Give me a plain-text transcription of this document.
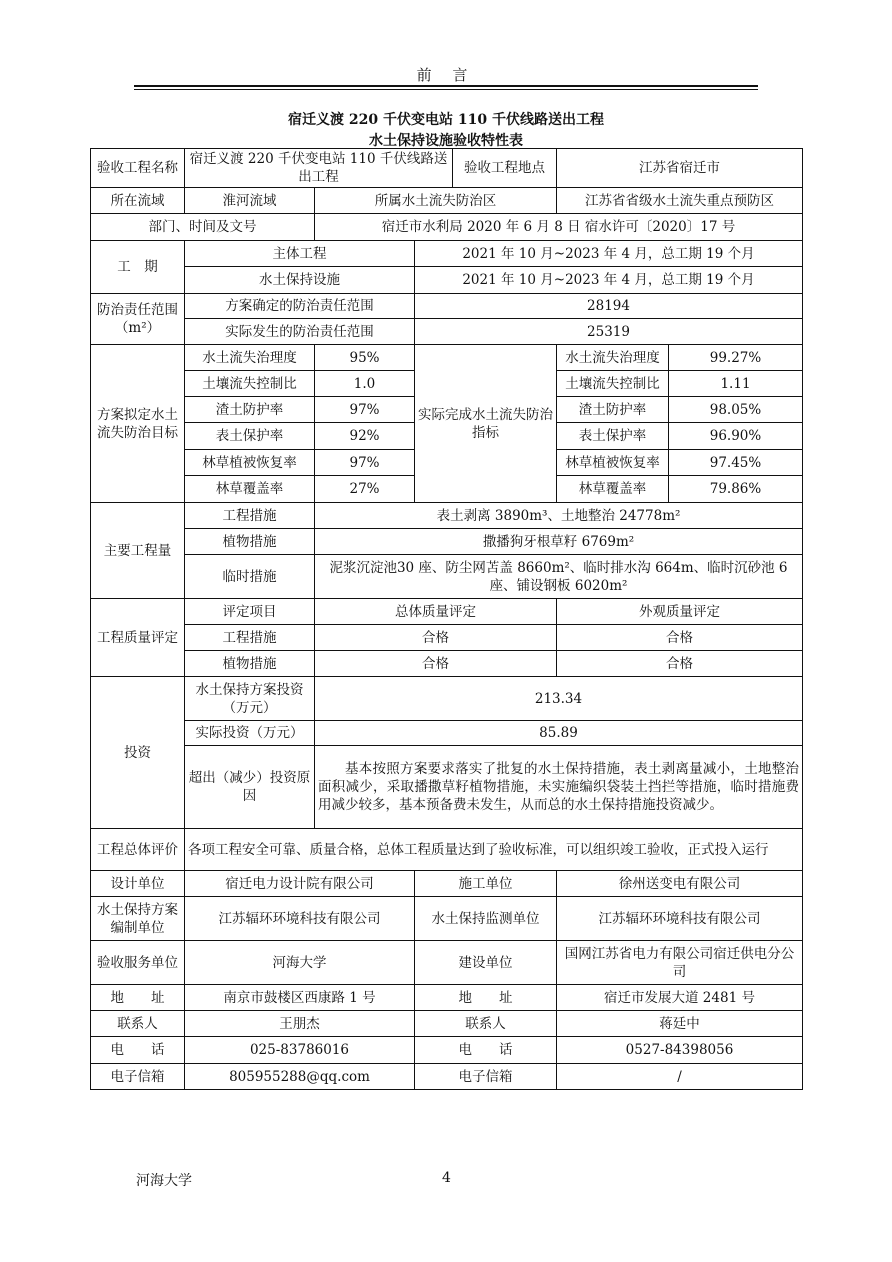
前 言
宿迁义渡 220 千伏变电站 110 千伏线路送出工程
水土保持设施验收特性表
验收工程名称	宿迁义渡 220 千伏变电站 110 千伏线路送出工程			验收工程地点	江苏省宿迁市	
所在流域	淮河流域	所属水土流失防治区			江苏省省级水土流失重点预防区	
部门、时间及文号		宿迁市水利局 2020 年 6 月 8 日 宿水许可〔2020〕17 号				
工　期	主体工程		2021 年 10 月~2023 年 4 月，总工期 19 个月			
	水土保持设施		2021 年 10 月~2023 年 4 月，总工期 19 个月			
防治责任范围（m²）	方案确定的防治责任范围		28194			
	实际发生的防治责任范围		25319			
方案拟定水土流失防治目标	水土流失治理度	95%	实际完成水土流失防治指标		水土流失治理度	99.27%
	土壤流失控制比	1.0			土壤流失控制比	1.11
	渣土防护率	97%			渣土防护率	98.05%
	表土保护率	92%			表土保护率	96.90%
	林草植被恢复率	97%			林草植被恢复率	97.45%
	林草覆盖率	27%			林草覆盖率	79.86%
主要工程量	工程措施	表土剥离 3890m³、土地整治 24778m²				
	植物措施	撒播狗牙根草籽 6769m²				
	临时措施	泥浆沉淀池30 座、防尘网苫盖 8660m²、临时排水沟 664m、临时沉砂池 6座、铺设钢板 6020m²				
工程质量评定	评定项目	总体质量评定			外观质量评定	
	工程措施	合格			合格	
	植物措施	合格			合格	
投资	水土保持方案投资（万元）	213.34				
	实际投资（万元）	85.89				
	超出（减少）投资原因	基本按照方案要求落实了批复的水土保持措施，表土剥离量减小，土地整治面积减少，采取播撒草籽植物措施，未实施编织袋装土挡拦等措施，临时措施费用减少较多，基本预备费未发生，从而总的水土保持措施投资减少。				
工程总体评价	各项工程安全可靠、质量合格，总体工程质量达到了验收标准，可以组织竣工验收，正式投入运行					
设计单位	宿迁电力设计院有限公司		施工单位		徐州送变电有限公司	
水土保持方案编制单位	江苏辐环环境科技有限公司		水土保持监测单位		江苏辐环环境科技有限公司	
验收服务单位	河海大学		建设单位		国网江苏省电力有限公司宿迁供电分公司	
地　　址	南京市鼓楼区西康路 1 号		地　　址		宿迁市发展大道 2481 号	
联系人	王朋杰		联系人		蒋廷中	
电　　话	025-83786016		电　　话		0527-84398056	
电子信箱	805955288@qq.com		电子信箱		/	
河海大学	4
